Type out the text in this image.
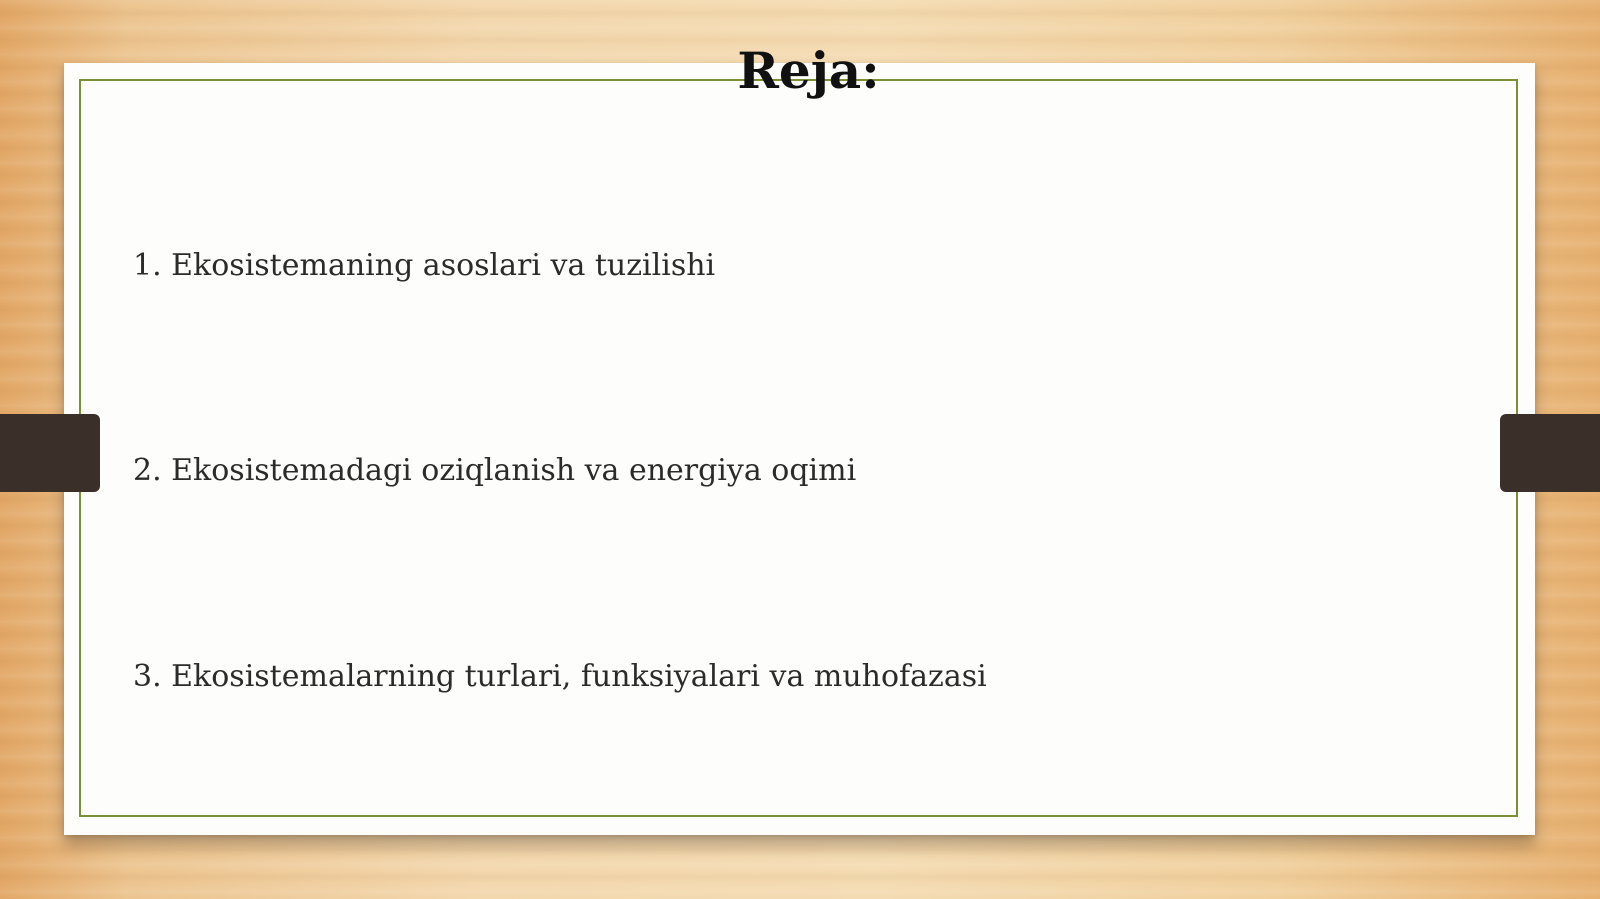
Reja:
1. Ekosistemaning asoslari va tuzilishi
2. Ekosistemadagi oziqlanish va energiya oqimi
3. Ekosistemalarning turlari, funksiyalari va muhofazasi
